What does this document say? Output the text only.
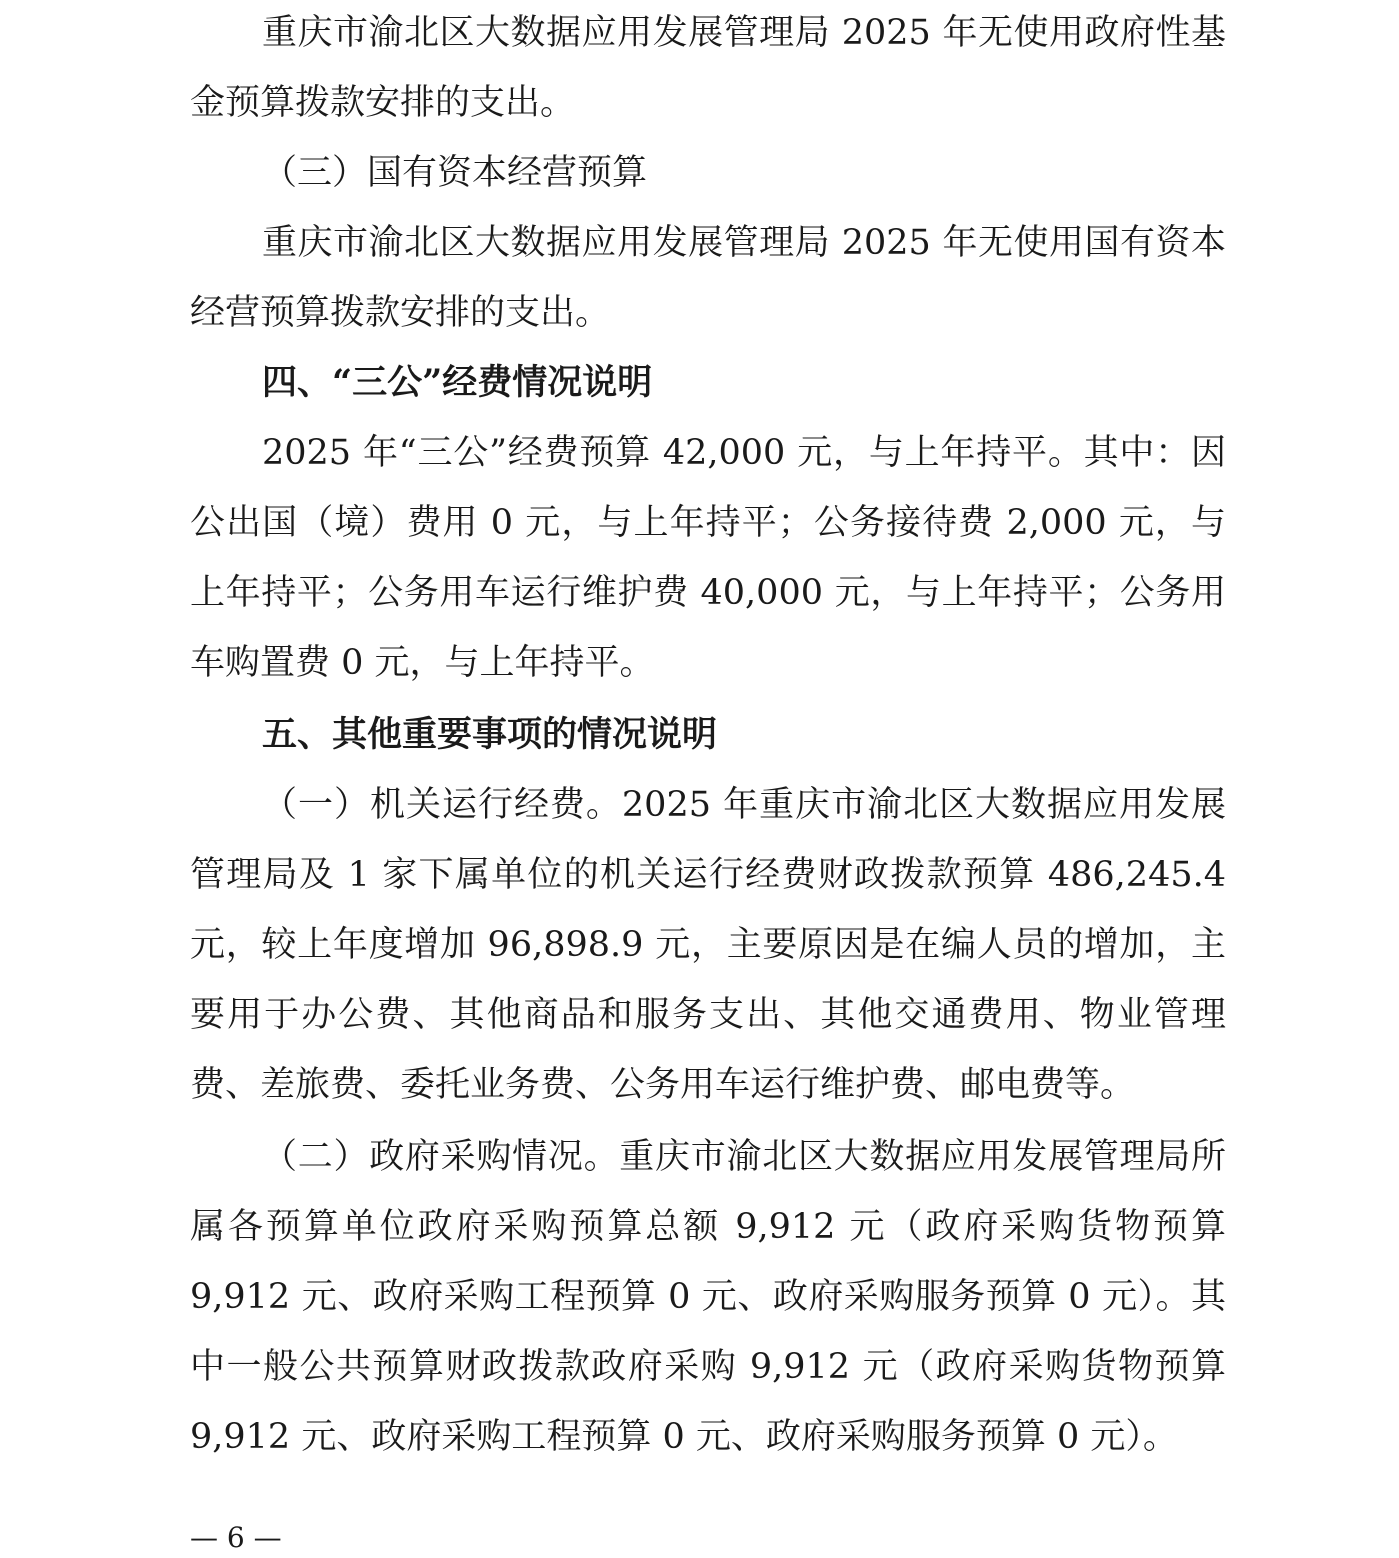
重庆市渝北区大数据应用发展管理局 2025 年无使用政府性基金预算拨款安排的支出。

（三）国有资本经营预算

重庆市渝北区大数据应用发展管理局 2025 年无使用国有资本经营预算拨款安排的支出。

四、“三公”经费情况说明

2025 年“三公”经费预算 42,000 元，与上年持平。其中：因公出国（境）费用 0 元，与上年持平；公务接待费 2,000 元，与上年持平；公务用车运行维护费 40,000 元，与上年持平；公务用车购置费 0 元，与上年持平。

五、其他重要事项的情况说明

（一）机关运行经费。2025 年重庆市渝北区大数据应用发展管理局及 1 家下属单位的机关运行经费财政拨款预算 486,245.4 元，较上年度增加 96,898.9 元，主要原因是在编人员的增加，主要用于办公费、其他商品和服务支出、其他交通费用、物业管理费、差旅费、委托业务费、公务用车运行维护费、邮电费等。

（二）政府采购情况。重庆市渝北区大数据应用发展管理局所属各预算单位政府采购预算总额 9,912 元（政府采购货物预算 9,912 元、政府采购工程预算 0 元、政府采购服务预算 0 元）。其中一般公共预算财政拨款政府采购 9,912 元（政府采购货物预算 9,912 元、政府采购工程预算 0 元、政府采购服务预算 0 元）。

— 6 —
